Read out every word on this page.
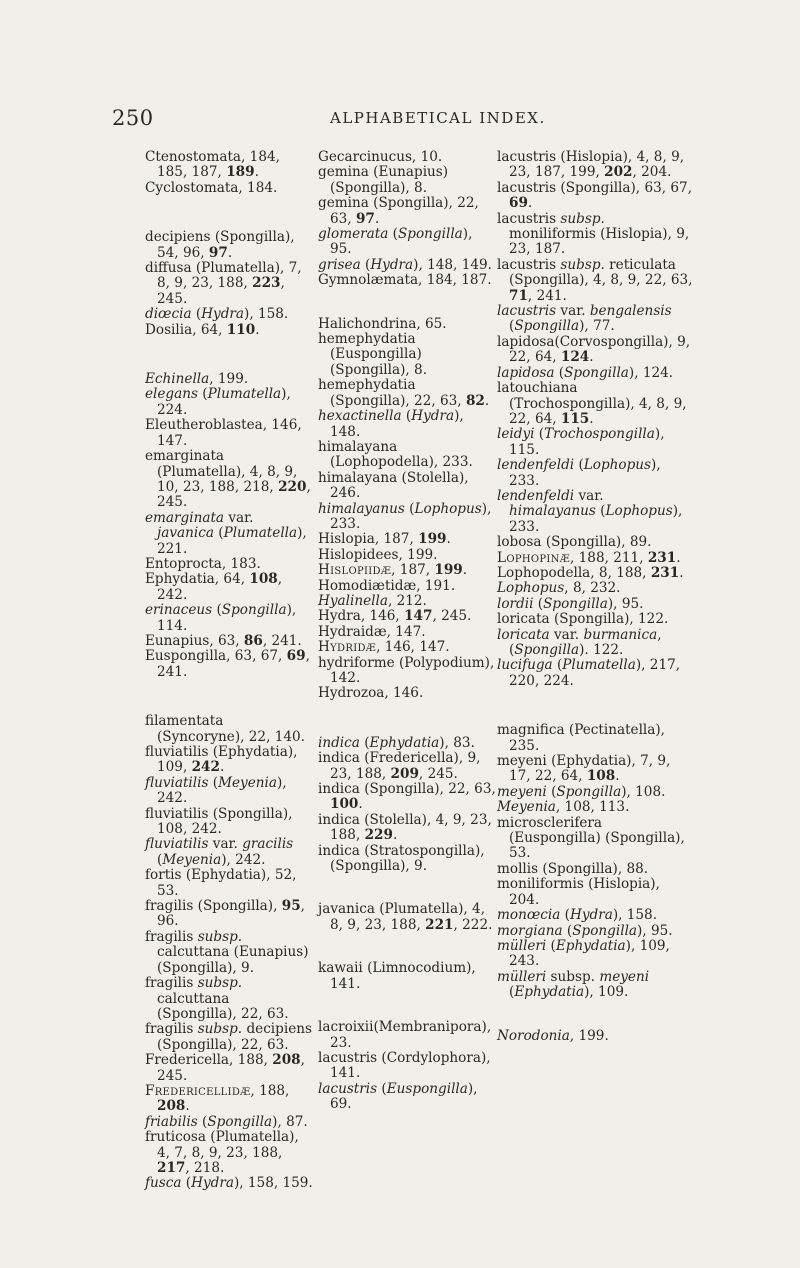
250	ALPHABETICAL INDEX.

Ctenostomata, 184, 185, 187, 189.

Cyclostomata, 184.

decipiens (Spongilla), 54, 96, 97.

diffusa (Plumatella), 7, 8, 9, 23, 188, 223, 245.

diœcia (Hydra), 158.

Dosilia, 64, 110.

Echinella, 199.

elegans (Plumatella), 224.

Eleutheroblastea, 146, 147.

emarginata (Plumatella), 4, 8, 9, 10, 23, 188, 218, 220, 245.

emarginata var. javanica (Plumatella), 221.

Entoprocta, 183.

Ephydatia, 64, 108, 242.

erinaceus (Spongilla), 114.

Eunapius, 63, 86, 241.

Euspongilla, 63, 67, 69, 241.

filamentata (Syncoryne), 22, 140.

fluviatilis (Ephydatia), 109, 242.

fluviatilis (Meyenia), 242.

fluviatilis (Spongilla), 108, 242.

fluviatilis var. gracilis (Meyenia), 242.

fortis (Ephydatia), 52, 53.

fragilis (Spongilla), 95, 96.

fragilis subsp. calcuttana (Eunapius) (Spongilla), 9.

fragilis subsp. calcuttana (Spongilla), 22, 63.

fragilis subsp. decipiens (Spongilla), 22, 63.

Fredericella, 188, 208, 245.

Fredericellidæ, 188, 208.

friabilis (Spongilla), 87.

fruticosa (Plumatella), 4, 7, 8, 9, 23, 188, 217, 218.

fusca (Hydra), 158, 159.

Gecarcinucus, 10.

gemina (Eunapius) (Spongilla), 8.

gemina (Spongilla), 22, 63, 97.

glomerata (Spongilla), 95.

grisea (Hydra), 148, 149.

Gymnolæmata, 184, 187.

Halichondrina, 65.

hemephydatia (Euspongilla) (Spongilla), 8.

hemephydatia (Spongilla), 22, 63, 82.

hexactinella (Hydra), 148.

himalayana (Lophopodella), 233.

himalayana (Stolella), 246.

himalayanus (Lophopus), 233.

Hislopia, 187, 199.

Hislopidees, 199.

Hislopiidæ, 187, 199.

Homodiætidæ, 191.

Hyalinella, 212.

Hydra, 146, 147, 245.

Hydraidæ, 147.

Hydridæ, 146, 147.

hydriforme (Polypodium), 142.

Hydrozoa, 146.

indica (Ephydatia), 83.

indica (Fredericella), 9, 23, 188, 209, 245.

indica (Spongilla), 22, 63, 100.

indica (Stolella), 4, 9, 23, 188, 229.

indica (Stratospongilla), (Spongilla), 9.

javanica (Plumatella), 4, 8, 9, 23, 188, 221, 222.

kawaii (Limnocodium), 141.

lacroixii(Membranipora), 23.

lacustris (Cordylophora), 141.

lacustris (Euspongilla), 69.

lacustris (Hislopia), 4, 8, 9, 23, 187, 199, 202, 204.

lacustris (Spongilla), 63, 67, 69.

lacustris subsp. moniliformis (Hislopia), 9, 23, 187.

lacustris subsp. reticulata (Spongilla), 4, 8, 9, 22, 63, 71, 241.

lacustris var. bengalensis (Spongilla), 77.

lapidosa(Corvospongilla), 9, 22, 64, 124.

lapidosa (Spongilla), 124.

latouchiana (Trochospongilla), 4, 8, 9, 22, 64, 115.

leidyi (Trochospongilla), 115.

lendenfeldi (Lophopus), 233.

lendenfeldi var. himalayanus (Lophopus), 233.

lobosa (Spongilla), 89.

Lophopinæ, 188, 211, 231.

Lophopodella, 8, 188, 231.

Lophopus, 8, 232.

lordii (Spongilla), 95.

loricata (Spongilla), 122.

loricata var. burmanica, (Spongilla). 122.

lucifuga (Plumatella), 217, 220, 224.

magnifica (Pectinatella), 235.

meyeni (Ephydatia), 7, 9, 17, 22, 64, 108.

meyeni (Spongilla), 108.

Meyenia, 108, 113.

microsclerifera (Euspongilla) (Spongilla), 53.

mollis (Spongilla), 88.

moniliformis (Hislopia), 204.

monœcia (Hydra), 158.

morgiana (Spongilla), 95.

mülleri (Ephydatia), 109, 243.

mülleri subsp. meyeni (Ephydatia), 109.

Norodonia, 199.
